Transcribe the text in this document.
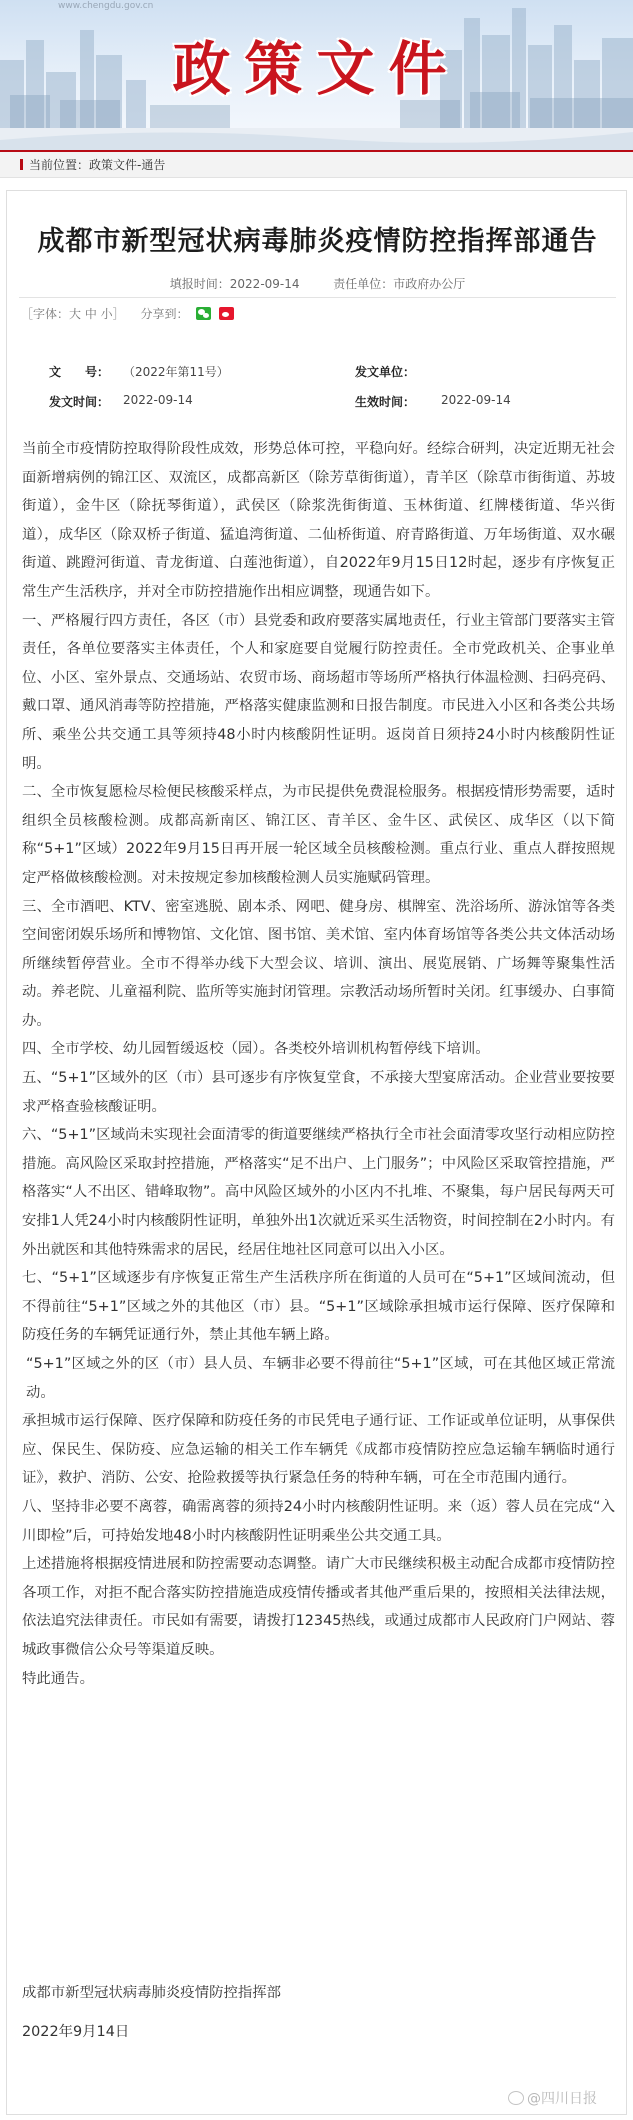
www.chengdu.gov.cn
政策文件
当前位置：政策文件-通告
成都市新型冠状病毒肺炎疫情防控指挥部通告
填报时间：2022-09-14	责任单位：市政府办公厅
［字体：大 中 小］ 分享到：
文　　号： （2022年第11号）	发文单位：
发文时间： 2022-09-14	生效时间： 2022-09-14

当前全市疫情防控取得阶段性成效，形势总体可控，平稳向好。经综合研判，决定近期无社会面新增病例的锦江区、双流区，成都高新区（除芳草街街道），青羊区（除草市街街道、苏坡街道），金牛区（除抚琴街道），武侯区（除浆洗街街道、玉林街道、红牌楼街道、华兴街道），成华区（除双桥子街道、猛追湾街道、二仙桥街道、府青路街道、万年场街道、双水碾街道、跳蹬河街道、青龙街道、白莲池街道），自2022年9月15日12时起，逐步有序恢复正常生产生活秩序，并对全市防控措施作出相应调整，现通告如下。

一、严格履行四方责任，各区（市）县党委和政府要落实属地责任，行业主管部门要落实主管责任，各单位要落实主体责任，个人和家庭要自觉履行防控责任。全市党政机关、企事业单位、小区、室外景点、交通场站、农贸市场、商场超市等场所严格执行体温检测、扫码亮码、戴口罩、通风消毒等防控措施，严格落实健康监测和日报告制度。市民进入小区和各类公共场所、乘坐公共交通工具等须持48小时内核酸阴性证明。返岗首日须持24小时内核酸阴性证明。

二、全市恢复愿检尽检便民核酸采样点，为市民提供免费混检服务。根据疫情形势需要，适时组织全员核酸检测。成都高新南区、锦江区、青羊区、金牛区、武侯区、成华区（以下简称“5+1”区域）2022年9月15日再开展一轮区域全员核酸检测。重点行业、重点人群按照规定严格做核酸检测。对未按规定参加核酸检测人员实施赋码管理。

三、全市酒吧、KTV、密室逃脱、剧本杀、网吧、健身房、棋牌室、洗浴场所、游泳馆等各类空间密闭娱乐场所和博物馆、文化馆、图书馆、美术馆、室内体育场馆等各类公共文体活动场所继续暂停营业。全市不得举办线下大型会议、培训、演出、展览展销、广场舞等聚集性活动。养老院、儿童福利院、监所等实施封闭管理。宗教活动场所暂时关闭。红事缓办、白事简办。

四、全市学校、幼儿园暂缓返校（园）。各类校外培训机构暂停线下培训。

五、“5+1”区域外的区（市）县可逐步有序恢复堂食，不承接大型宴席活动。企业营业要按要求严格查验核酸证明。

六、“5+1”区域尚未实现社会面清零的街道要继续严格执行全市社会面清零攻坚行动相应防控措施。高风险区采取封控措施，严格落实“足不出户、上门服务”；中风险区采取管控措施，严格落实“人不出区、错峰取物”。高中风险区域外的小区内不扎堆、不聚集，每户居民每两天可安排1人凭24小时内核酸阴性证明，单独外出1次就近采买生活物资，时间控制在2小时内。有外出就医和其他特殊需求的居民，经居住地社区同意可以出入小区。

七、“5+1”区域逐步有序恢复正常生产生活秩序所在街道的人员可在“5+1”区域间流动，但不得前往“5+1”区域之外的其他区（市）县。“5+1”区域除承担城市运行保障、医疗保障和防疫任务的车辆凭证通行外，禁止其他车辆上路。

“5+1”区域之外的区（市）县人员、车辆非必要不得前往“5+1”区域，可在其他区域正常流动。

承担城市运行保障、医疗保障和防疫任务的市民凭电子通行证、工作证或单位证明，从事保供应、保民生、保防疫、应急运输的相关工作车辆凭《成都市疫情防控应急运输车辆临时通行证》，救护、消防、公安、抢险救援等执行紧急任务的特种车辆，可在全市范围内通行。

八、坚持非必要不离蓉，确需离蓉的须持24小时内核酸阴性证明。来（返）蓉人员在完成“入川即检”后，可持始发地48小时内核酸阴性证明乘坐公共交通工具。

上述措施将根据疫情进展和防控需要动态调整。请广大市民继续积极主动配合成都市疫情防控各项工作，对拒不配合落实防控措施造成疫情传播或者其他严重后果的，按照相关法律法规，依法追究法律责任。市民如有需要，请拨打12345热线，或通过成都市人民政府门户网站、蓉城政事微信公众号等渠道反映。

特此通告。

成都市新型冠状病毒肺炎疫情防控指挥部
2022年9月14日
@四川日报
